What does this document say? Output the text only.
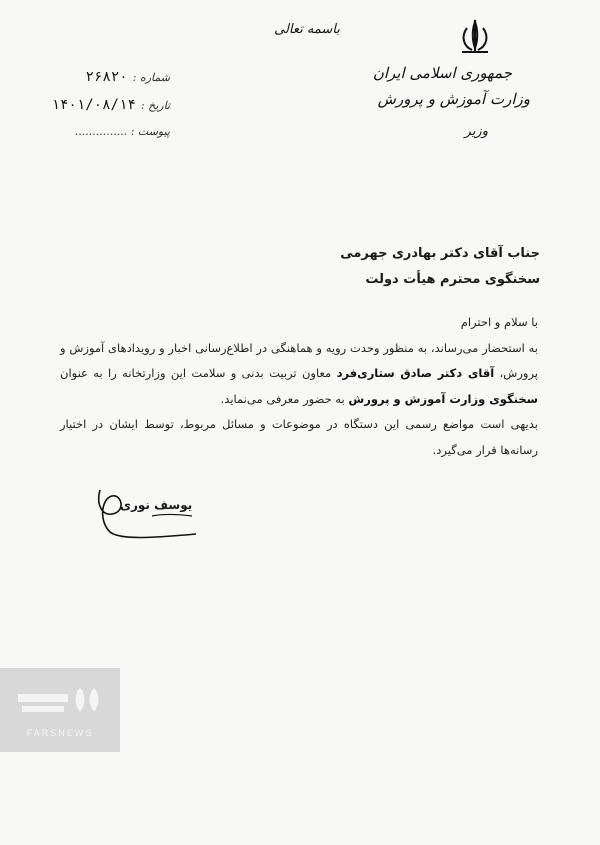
باسمه تعالی
جمهوری اسلامی ایران
وزارت آموزش و پرورش
وزیر
شماره : ۲۶۸۲۰
تاریخ : ۱۴۰۱/۰۸/۱۴
پیوست : ...............
جناب آقای دکتر بهادری جهرمی
سخنگوی محترم هیأت دولت

با سلام و احترام

به استحضار می‌رساند، به منظور وحدت رویه و هماهنگی در اطلاع‌رسانی اخبار و رویدادهای آموزش و پرورش، آقای دکتر صادق ستاری‌فرد معاون تربیت بدنی و سلامت این وزارتخانه را به عنوان سخنگوی وزارت آموزش و پرورش به حضور معرفی می‌نماید.

بدیهی است مواضع رسمی این دستگاه در موضوعات و مسائل مربوط، توسط ایشان در اختیار رسانه‌ها قرار می‌گیرد.

یوسف نوری
FARSNEWS
